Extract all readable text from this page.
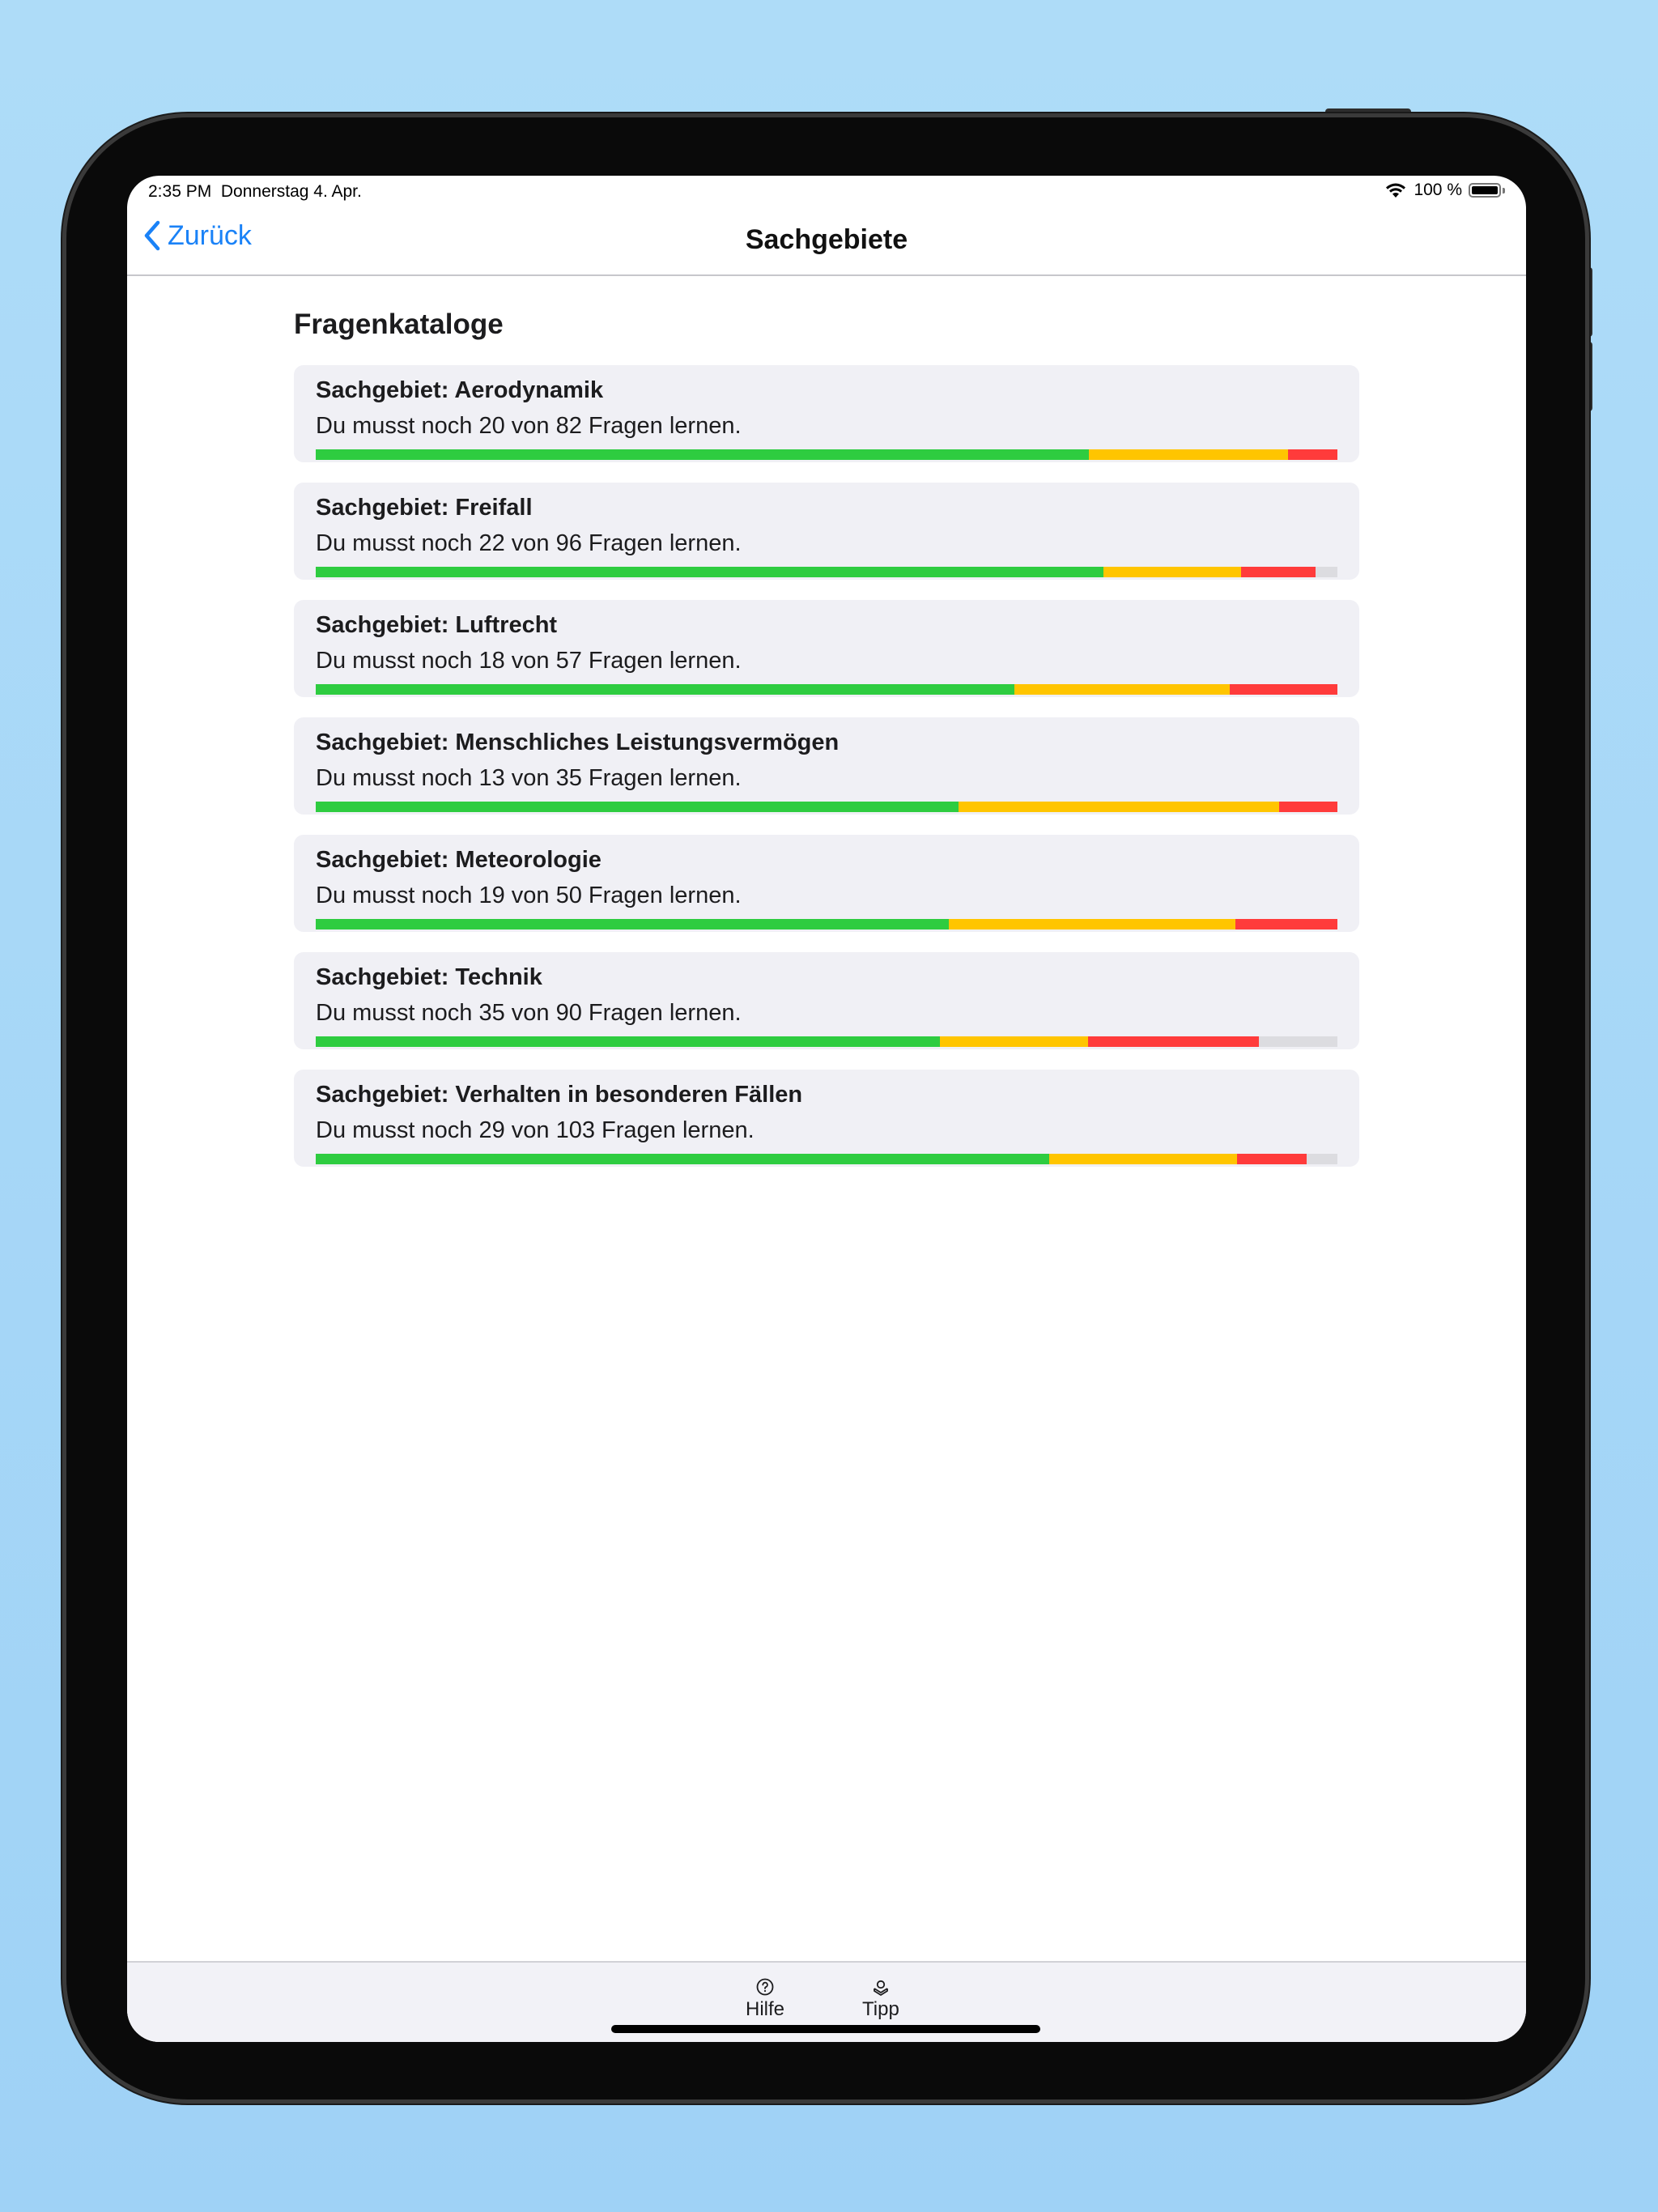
2:35 PM Donnerstag 4. Apr.	100 %
Zurück	Sachgebiete
Fragenkataloge
Sachgebiet: Aerodynamik
Du musst noch 20 von 82 Fragen lernen.
Sachgebiet: Freifall
Du musst noch 22 von 96 Fragen lernen.
Sachgebiet: Luftrecht
Du musst noch 18 von 57 Fragen lernen.
Sachgebiet: Menschliches Leistungsvermögen
Du musst noch 13 von 35 Fragen lernen.
Sachgebiet: Meteorologie
Du musst noch 19 von 50 Fragen lernen.
Sachgebiet: Technik
Du musst noch 35 von 90 Fragen lernen.
Sachgebiet: Verhalten in besonderen Fällen
Du musst noch 29 von 103 Fragen lernen.
Hilfe	Tipp
